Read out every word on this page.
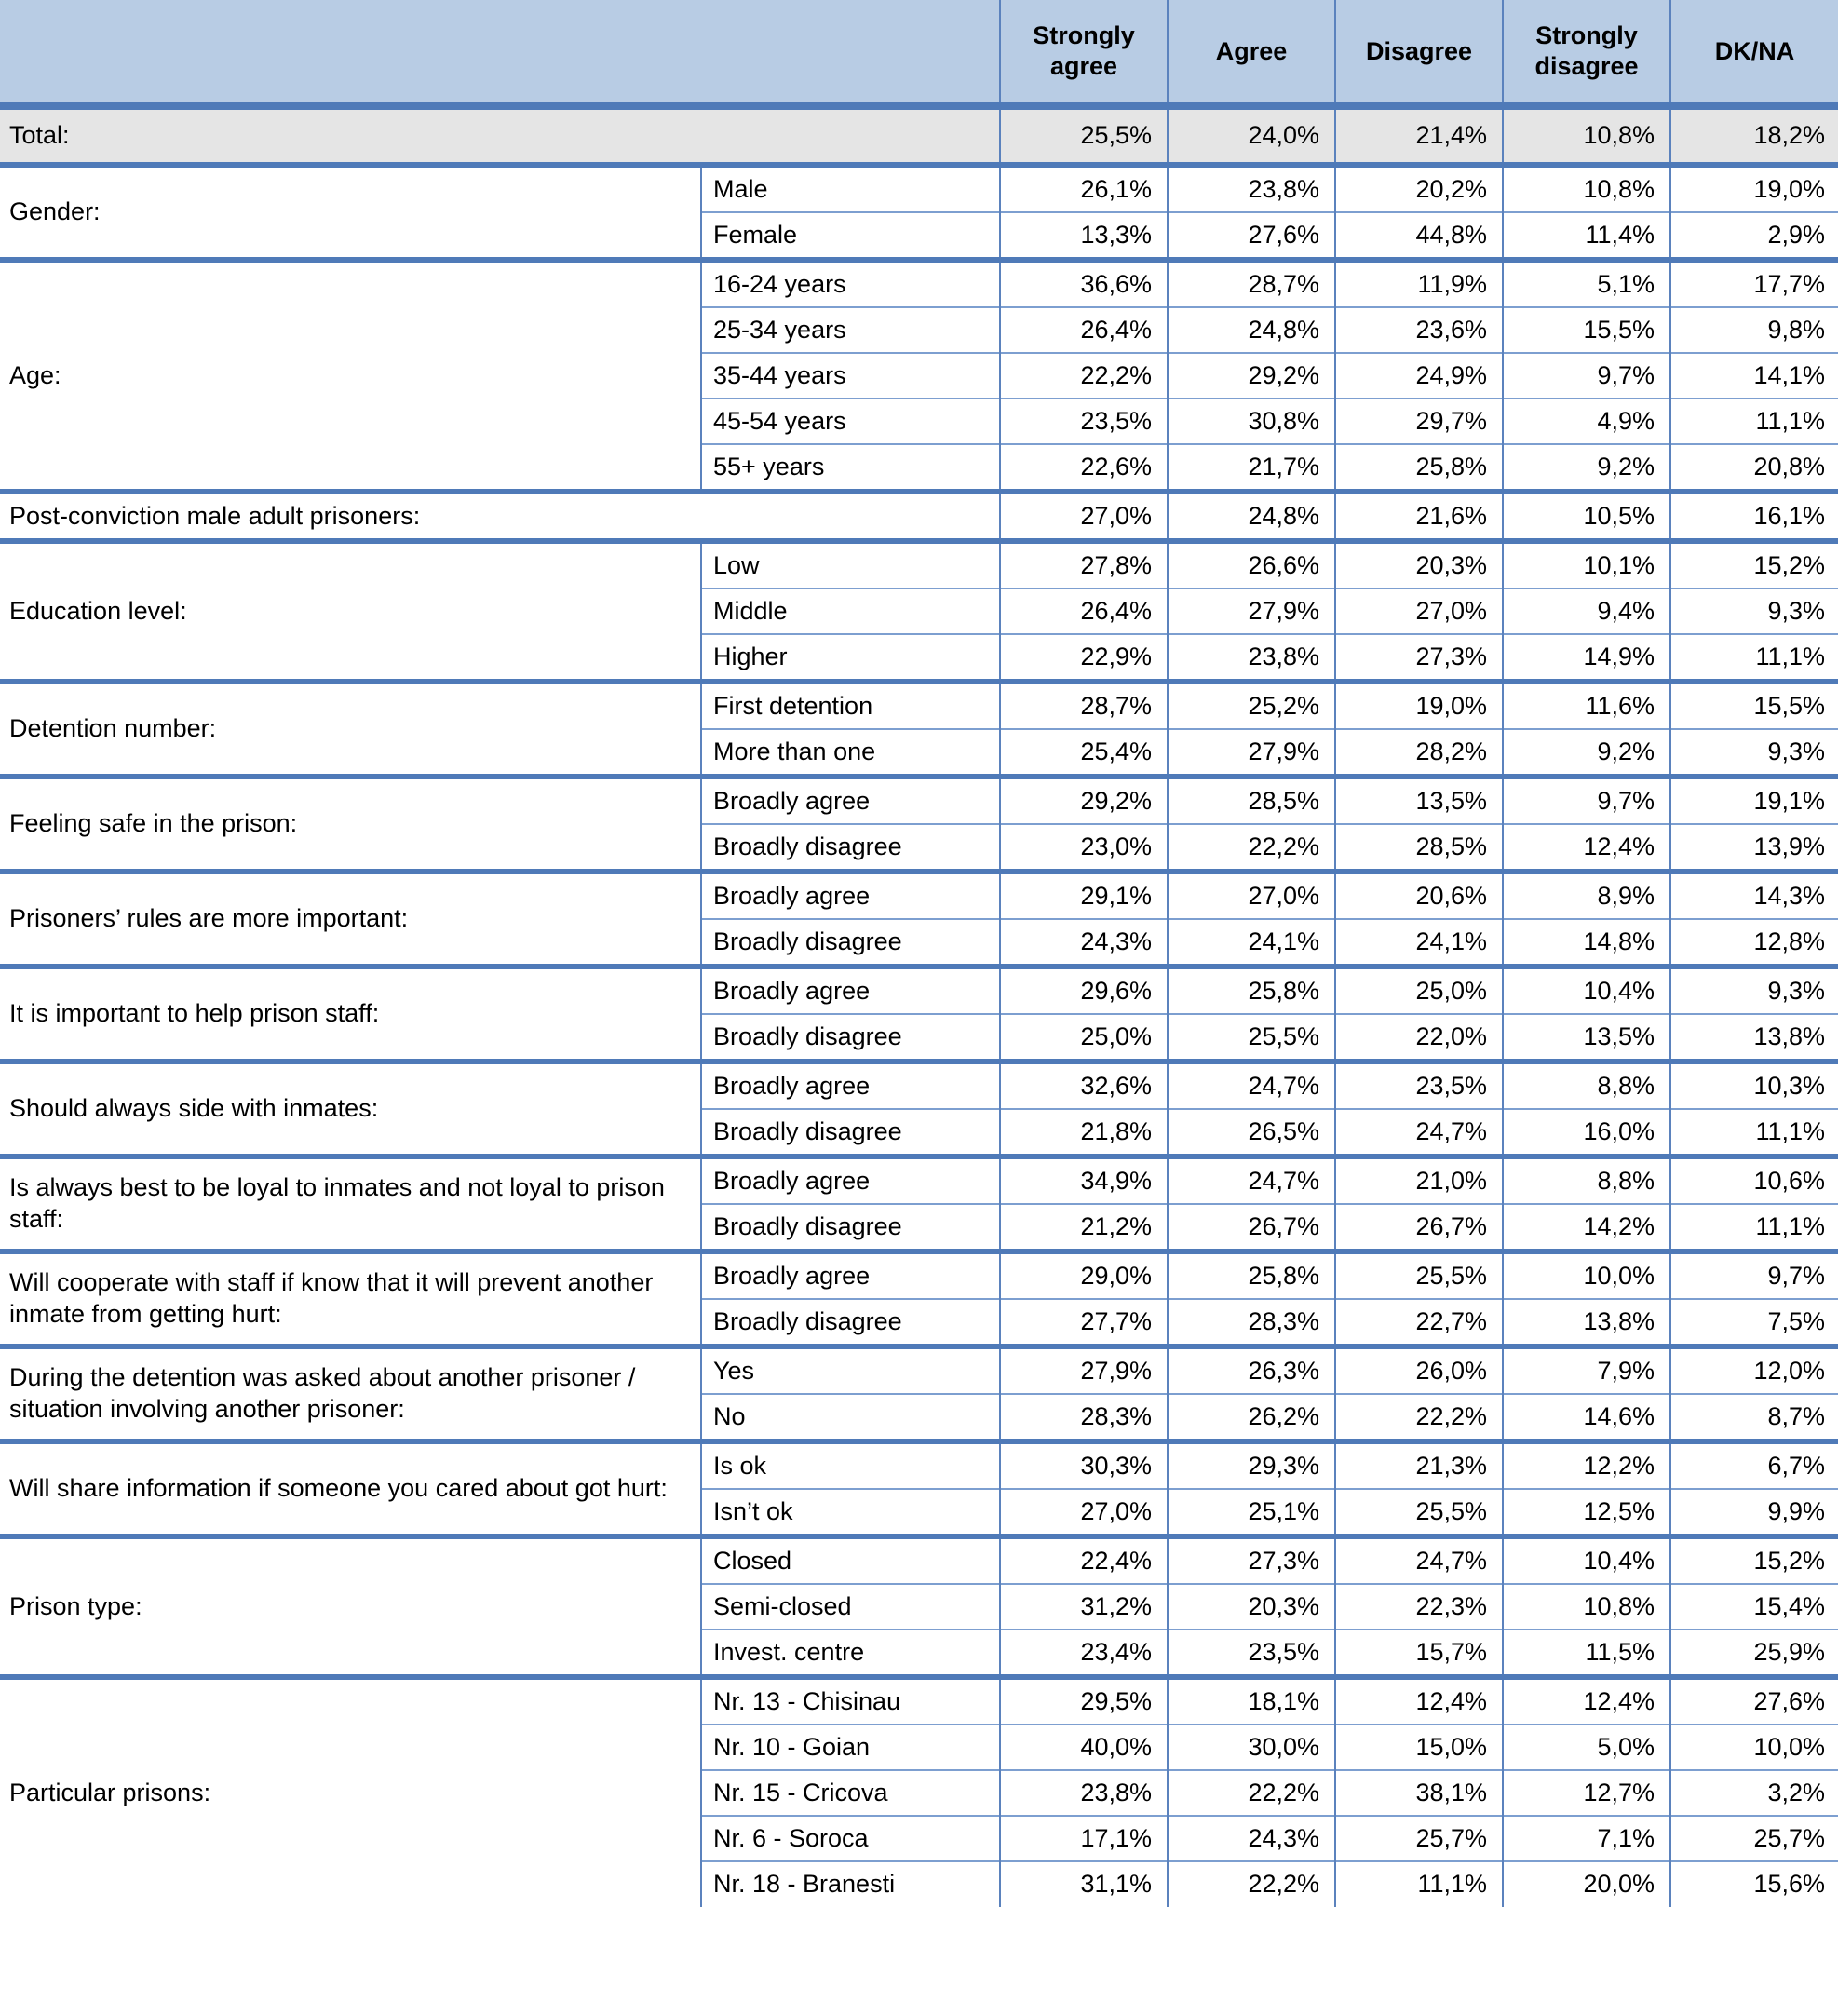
		Strongly agree	Agree	Disagree	Strongly disagree	DK/NA
Total:		25,5%	24,0%	21,4%	10,8%	18,2%
Gender:	Male	26,1%	23,8%	20,2%	10,8%	19,0%
	Female	13,3%	27,6%	44,8%	11,4%	2,9%
Age:	16-24 years	36,6%	28,7%	11,9%	5,1%	17,7%
	25-34 years	26,4%	24,8%	23,6%	15,5%	9,8%
	35-44 years	22,2%	29,2%	24,9%	9,7%	14,1%
	45-54 years	23,5%	30,8%	29,7%	4,9%	11,1%
	55+ years	22,6%	21,7%	25,8%	9,2%	20,8%
Post-conviction male adult prisoners:		27,0%	24,8%	21,6%	10,5%	16,1%
Education level:	Low	27,8%	26,6%	20,3%	10,1%	15,2%
	Middle	26,4%	27,9%	27,0%	9,4%	9,3%
	Higher	22,9%	23,8%	27,3%	14,9%	11,1%
Detention number:	First detention	28,7%	25,2%	19,0%	11,6%	15,5%
	More than one	25,4%	27,9%	28,2%	9,2%	9,3%
Feeling safe in the prison:	Broadly agree	29,2%	28,5%	13,5%	9,7%	19,1%
	Broadly disagree	23,0%	22,2%	28,5%	12,4%	13,9%
Prisoners’ rules are more important:	Broadly agree	29,1%	27,0%	20,6%	8,9%	14,3%
	Broadly disagree	24,3%	24,1%	24,1%	14,8%	12,8%
It is important to help prison staff:	Broadly agree	29,6%	25,8%	25,0%	10,4%	9,3%
	Broadly disagree	25,0%	25,5%	22,0%	13,5%	13,8%
Should always side with inmates:	Broadly agree	32,6%	24,7%	23,5%	8,8%	10,3%
	Broadly disagree	21,8%	26,5%	24,7%	16,0%	11,1%
Is always best to be loyal to inmates and not loyal to prison staff:	Broadly agree	34,9%	24,7%	21,0%	8,8%	10,6%
	Broadly disagree	21,2%	26,7%	26,7%	14,2%	11,1%
Will cooperate with staff if know that it will prevent another inmate from getting hurt:	Broadly agree	29,0%	25,8%	25,5%	10,0%	9,7%
	Broadly disagree	27,7%	28,3%	22,7%	13,8%	7,5%
During the detention was asked about another prisoner / situation involving another prisoner:	Yes	27,9%	26,3%	26,0%	7,9%	12,0%
	No	28,3%	26,2%	22,2%	14,6%	8,7%
Will share information if someone you cared about got hurt:	Is ok	30,3%	29,3%	21,3%	12,2%	6,7%
	Isn’t ok	27,0%	25,1%	25,5%	12,5%	9,9%
Prison type:	Closed	22,4%	27,3%	24,7%	10,4%	15,2%
	Semi-closed	31,2%	20,3%	22,3%	10,8%	15,4%
	Invest. centre	23,4%	23,5%	15,7%	11,5%	25,9%
Particular prisons:	Nr. 13 - Chisinau	29,5%	18,1%	12,4%	12,4%	27,6%
	Nr. 10 - Goian	40,0%	30,0%	15,0%	5,0%	10,0%
	Nr. 15 - Cricova	23,8%	22,2%	38,1%	12,7%	3,2%
	Nr. 6 - Soroca	17,1%	24,3%	25,7%	7,1%	25,7%
	Nr. 18 - Branesti	31,1%	22,2%	11,1%	20,0%	15,6%
